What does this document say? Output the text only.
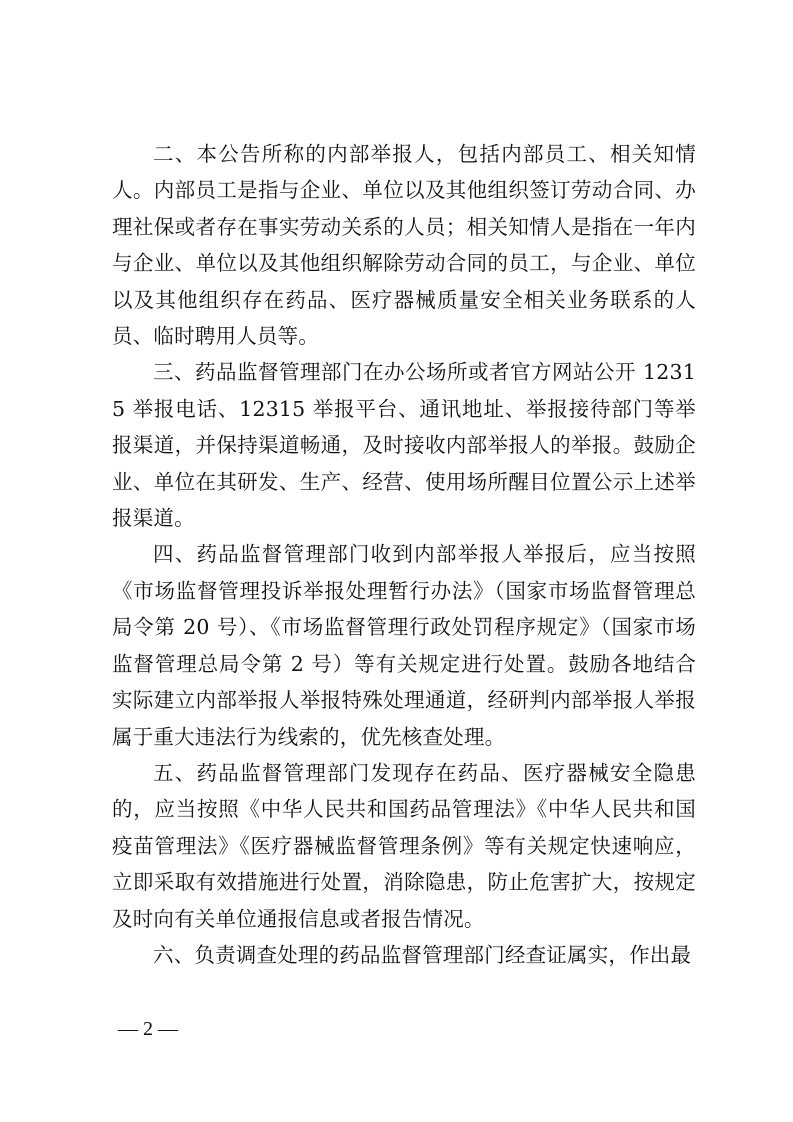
二、本公告所称的内部举报人，包括内部员工、相关知情人。内部员工是指与企业、单位以及其他组织签订劳动合同、办理社保或者存在事实劳动关系的人员；相关知情人是指在一年内与企业、单位以及其他组织解除劳动合同的员工，与企业、单位以及其他组织存在药品、医疗器械质量安全相关业务联系的人员、临时聘用人员等。

三、药品监督管理部门在办公场所或者官方网站公开 12315 举报电话、12315 举报平台、通讯地址、举报接待部门等举报渠道，并保持渠道畅通，及时接收内部举报人的举报。鼓励企业、单位在其研发、生产、经营、使用场所醒目位置公示上述举报渠道。

四、药品监督管理部门收到内部举报人举报后，应当按照《市场监督管理投诉举报处理暂行办法》（国家市场监督管理总局令第 20 号）、《市场监督管理行政处罚程序规定》（国家市场监督管理总局令第 2 号）等有关规定进行处置。鼓励各地结合实际建立内部举报人举报特殊处理通道，经研判内部举报人举报属于重大违法行为线索的，优先核查处理。

五、药品监督管理部门发现存在药品、医疗器械安全隐患的，应当按照《中华人民共和国药品管理法》《中华人民共和国疫苗管理法》《医疗器械监督管理条例》等有关规定快速响应，立即采取有效措施进行处置，消除隐患，防止危害扩大，按规定及时向有关单位通报信息或者报告情况。

六、负责调查处理的药品监督管理部门经查证属实，作出最

— 2 —
